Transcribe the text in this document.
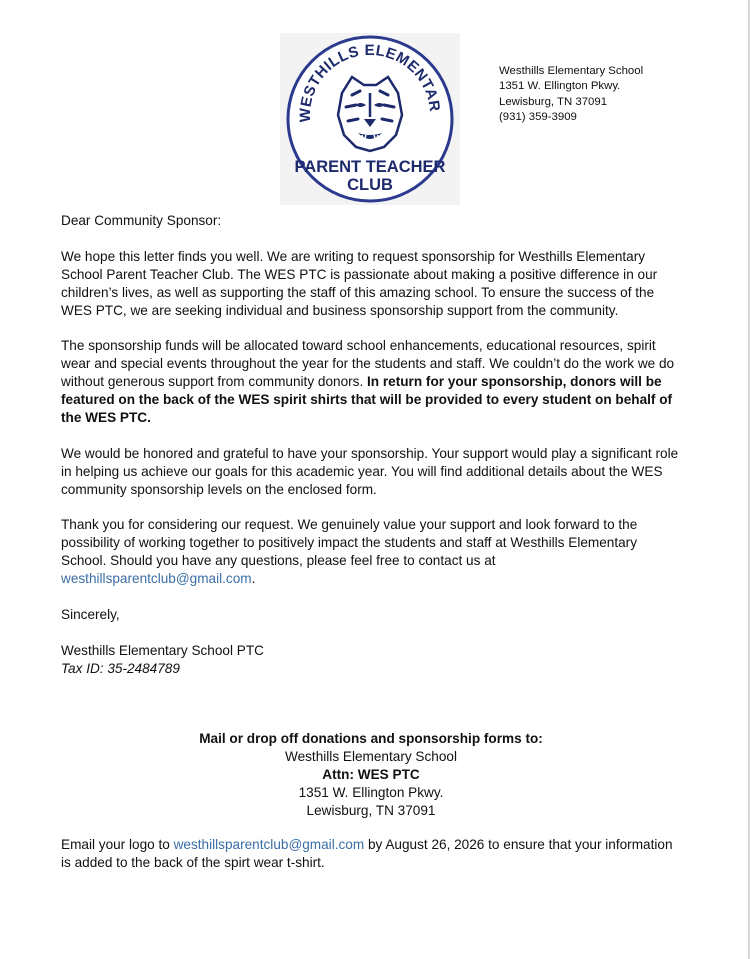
WESTHILLS ELEMENTAR
PARENT TEACHER
CLUB
Westhills Elementary School
1351 W. Ellington Pkwy.
Lewisburg, TN 37091
(931) 359-3909

Dear Community Sponsor:

We hope this letter finds you well. We are writing to request sponsorship for Westhills Elementary School Parent Teacher Club. The WES PTC is passionate about making a positive difference in our children’s lives, as well as supporting the staff of this amazing school. To ensure the success of the WES PTC, we are seeking individual and business sponsorship support from the community.

The sponsorship funds will be allocated toward school enhancements, educational resources, spirit wear and special events throughout the year for the students and staff. We couldn’t do the work we do without generous support from community donors. In return for your sponsorship, donors will be featured on the back of the WES spirit shirts that will be provided to every student on behalf of the WES PTC.

We would be honored and grateful to have your sponsorship. Your support would play a significant role in helping us achieve our goals for this academic year. You will find additional details about the WES community sponsorship levels on the enclosed form.

Thank you for considering our request. We genuinely value your support and look forward to the possibility of working together to positively impact the students and staff at Westhills Elementary School. Should you have any questions, please feel free to contact us at westhillsparentclub@gmail.com.

Sincerely,

Westhills Elementary School PTC
Tax ID: 35-2484789
Mail or drop off donations and sponsorship forms to:
Westhills Elementary School
Attn: WES PTC
1351 W. Ellington Pkwy.
Lewisburg, TN 37091
Email your logo to westhillsparentclub@gmail.com by August 26, 2026 to ensure that your information is added to the back of the spirt wear t-shirt.
